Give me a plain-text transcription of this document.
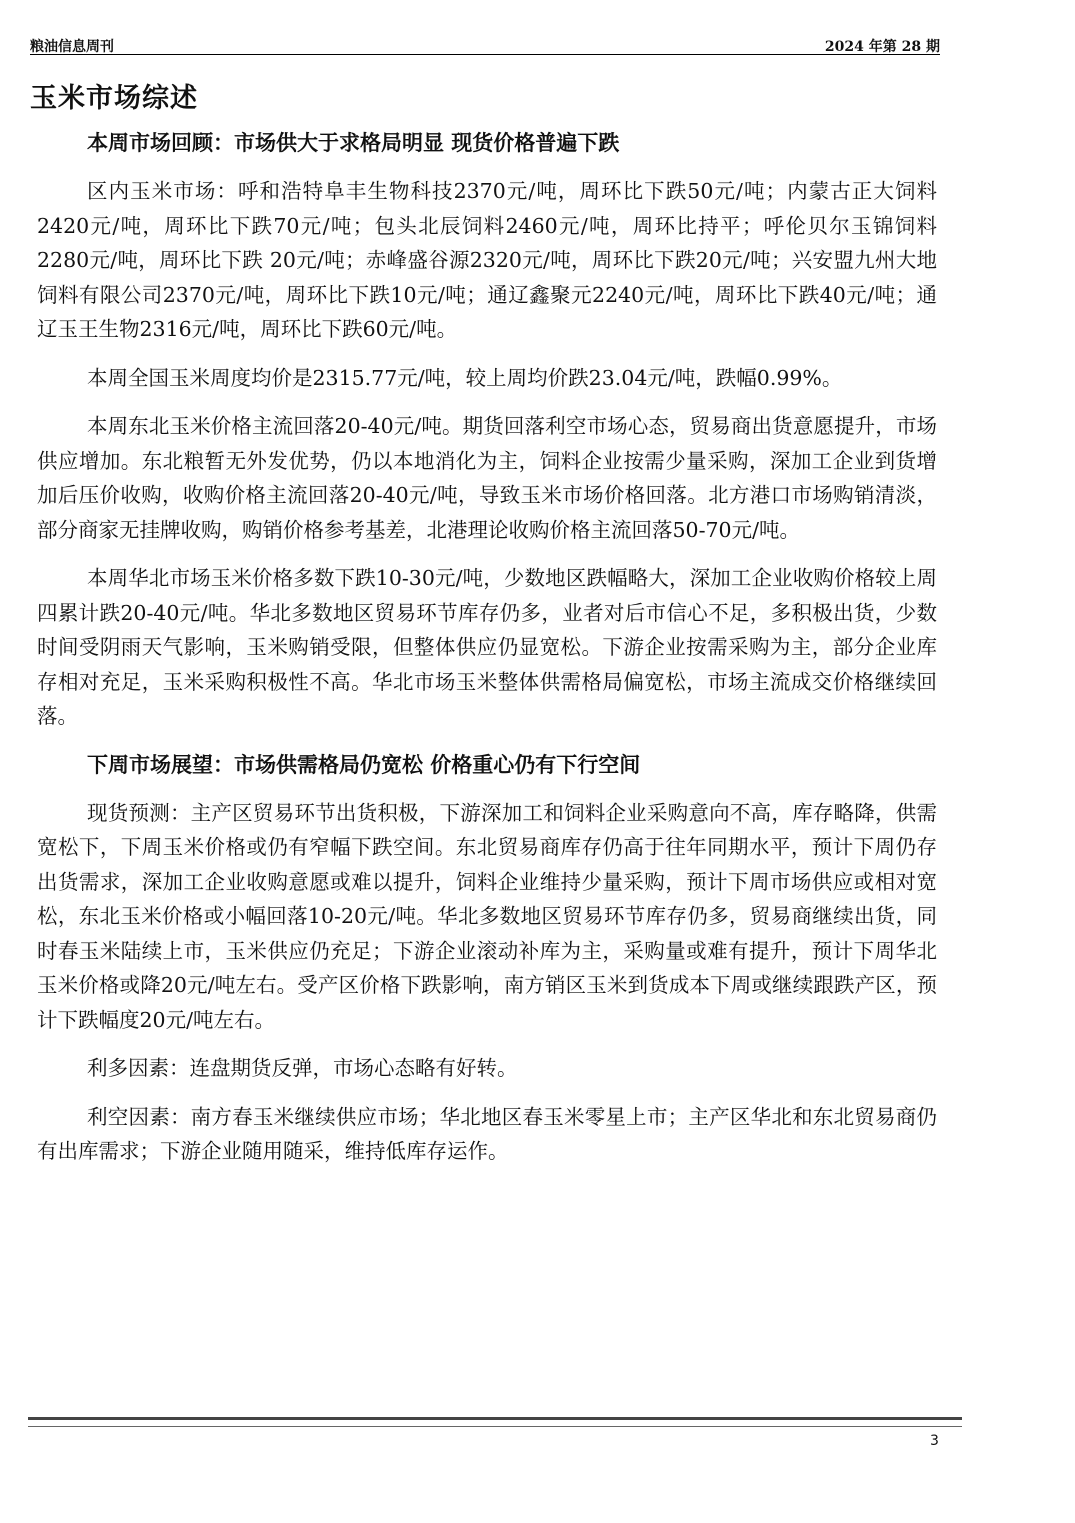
粮油信息周刊	2024 年第 28 期
玉米市场综述
本周市场回顾：市场供大于求格局明显 现货价格普遍下跌

区内玉米市场：呼和浩特阜丰生物科技2370元/吨，周环比下跌50元/吨；内蒙古正大饲料2420元/吨，周环比下跌70元/吨；包头北辰饲料2460元/吨，周环比持平；呼伦贝尔玉锦饲料2280元/吨，周环比下跌 20元/吨；赤峰盛谷源2320元/吨，周环比下跌20元/吨；兴安盟九州大地饲料有限公司2370元/吨，周环比下跌10元/吨；通辽鑫聚元2240元/吨，周环比下跌40元/吨；通辽玉王生物2316元/吨，周环比下跌60元/吨。

本周全国玉米周度均价是2315.77元/吨，较上周均价跌23.04元/吨，跌幅0.99%。

本周东北玉米价格主流回落20-40元/吨。期货回落利空市场心态，贸易商出货意愿提升，市场供应增加。东北粮暂无外发优势，仍以本地消化为主，饲料企业按需少量采购，深加工企业到货增加后压价收购，收购价格主流回落20-40元/吨，导致玉米市场价格回落。北方港口市场购销清淡，部分商家无挂牌收购，购销价格参考基差，北港理论收购价格主流回落50-70元/吨。

本周华北市场玉米价格多数下跌10-30元/吨，少数地区跌幅略大，深加工企业收购价格较上周四累计跌20-40元/吨。华北多数地区贸易环节库存仍多，业者对后市信心不足，多积极出货，少数时间受阴雨天气影响，玉米购销受限，但整体供应仍显宽松。下游企业按需采购为主，部分企业库存相对充足，玉米采购积极性不高。华北市场玉米整体供需格局偏宽松，市场主流成交价格继续回落。

下周市场展望：市场供需格局仍宽松 价格重心仍有下行空间

现货预测：主产区贸易环节出货积极，下游深加工和饲料企业采购意向不高，库存略降，供需宽松下，下周玉米价格或仍有窄幅下跌空间。东北贸易商库存仍高于往年同期水平，预计下周仍存出货需求，深加工企业收购意愿或难以提升，饲料企业维持少量采购，预计下周市场供应或相对宽松，东北玉米价格或小幅回落10-20元/吨。华北多数地区贸易环节库存仍多，贸易商继续出货，同时春玉米陆续上市，玉米供应仍充足；下游企业滚动补库为主，采购量或难有提升，预计下周华北玉米价格或降20元/吨左右。受产区价格下跌影响，南方销区玉米到货成本下周或继续跟跌产区，预计下跌幅度20元/吨左右。

利多因素：连盘期货反弹，市场心态略有好转。

利空因素：南方春玉米继续供应市场；华北地区春玉米零星上市；主产区华北和东北贸易商仍有出库需求；下游企业随用随采，维持低库存运作。

3
